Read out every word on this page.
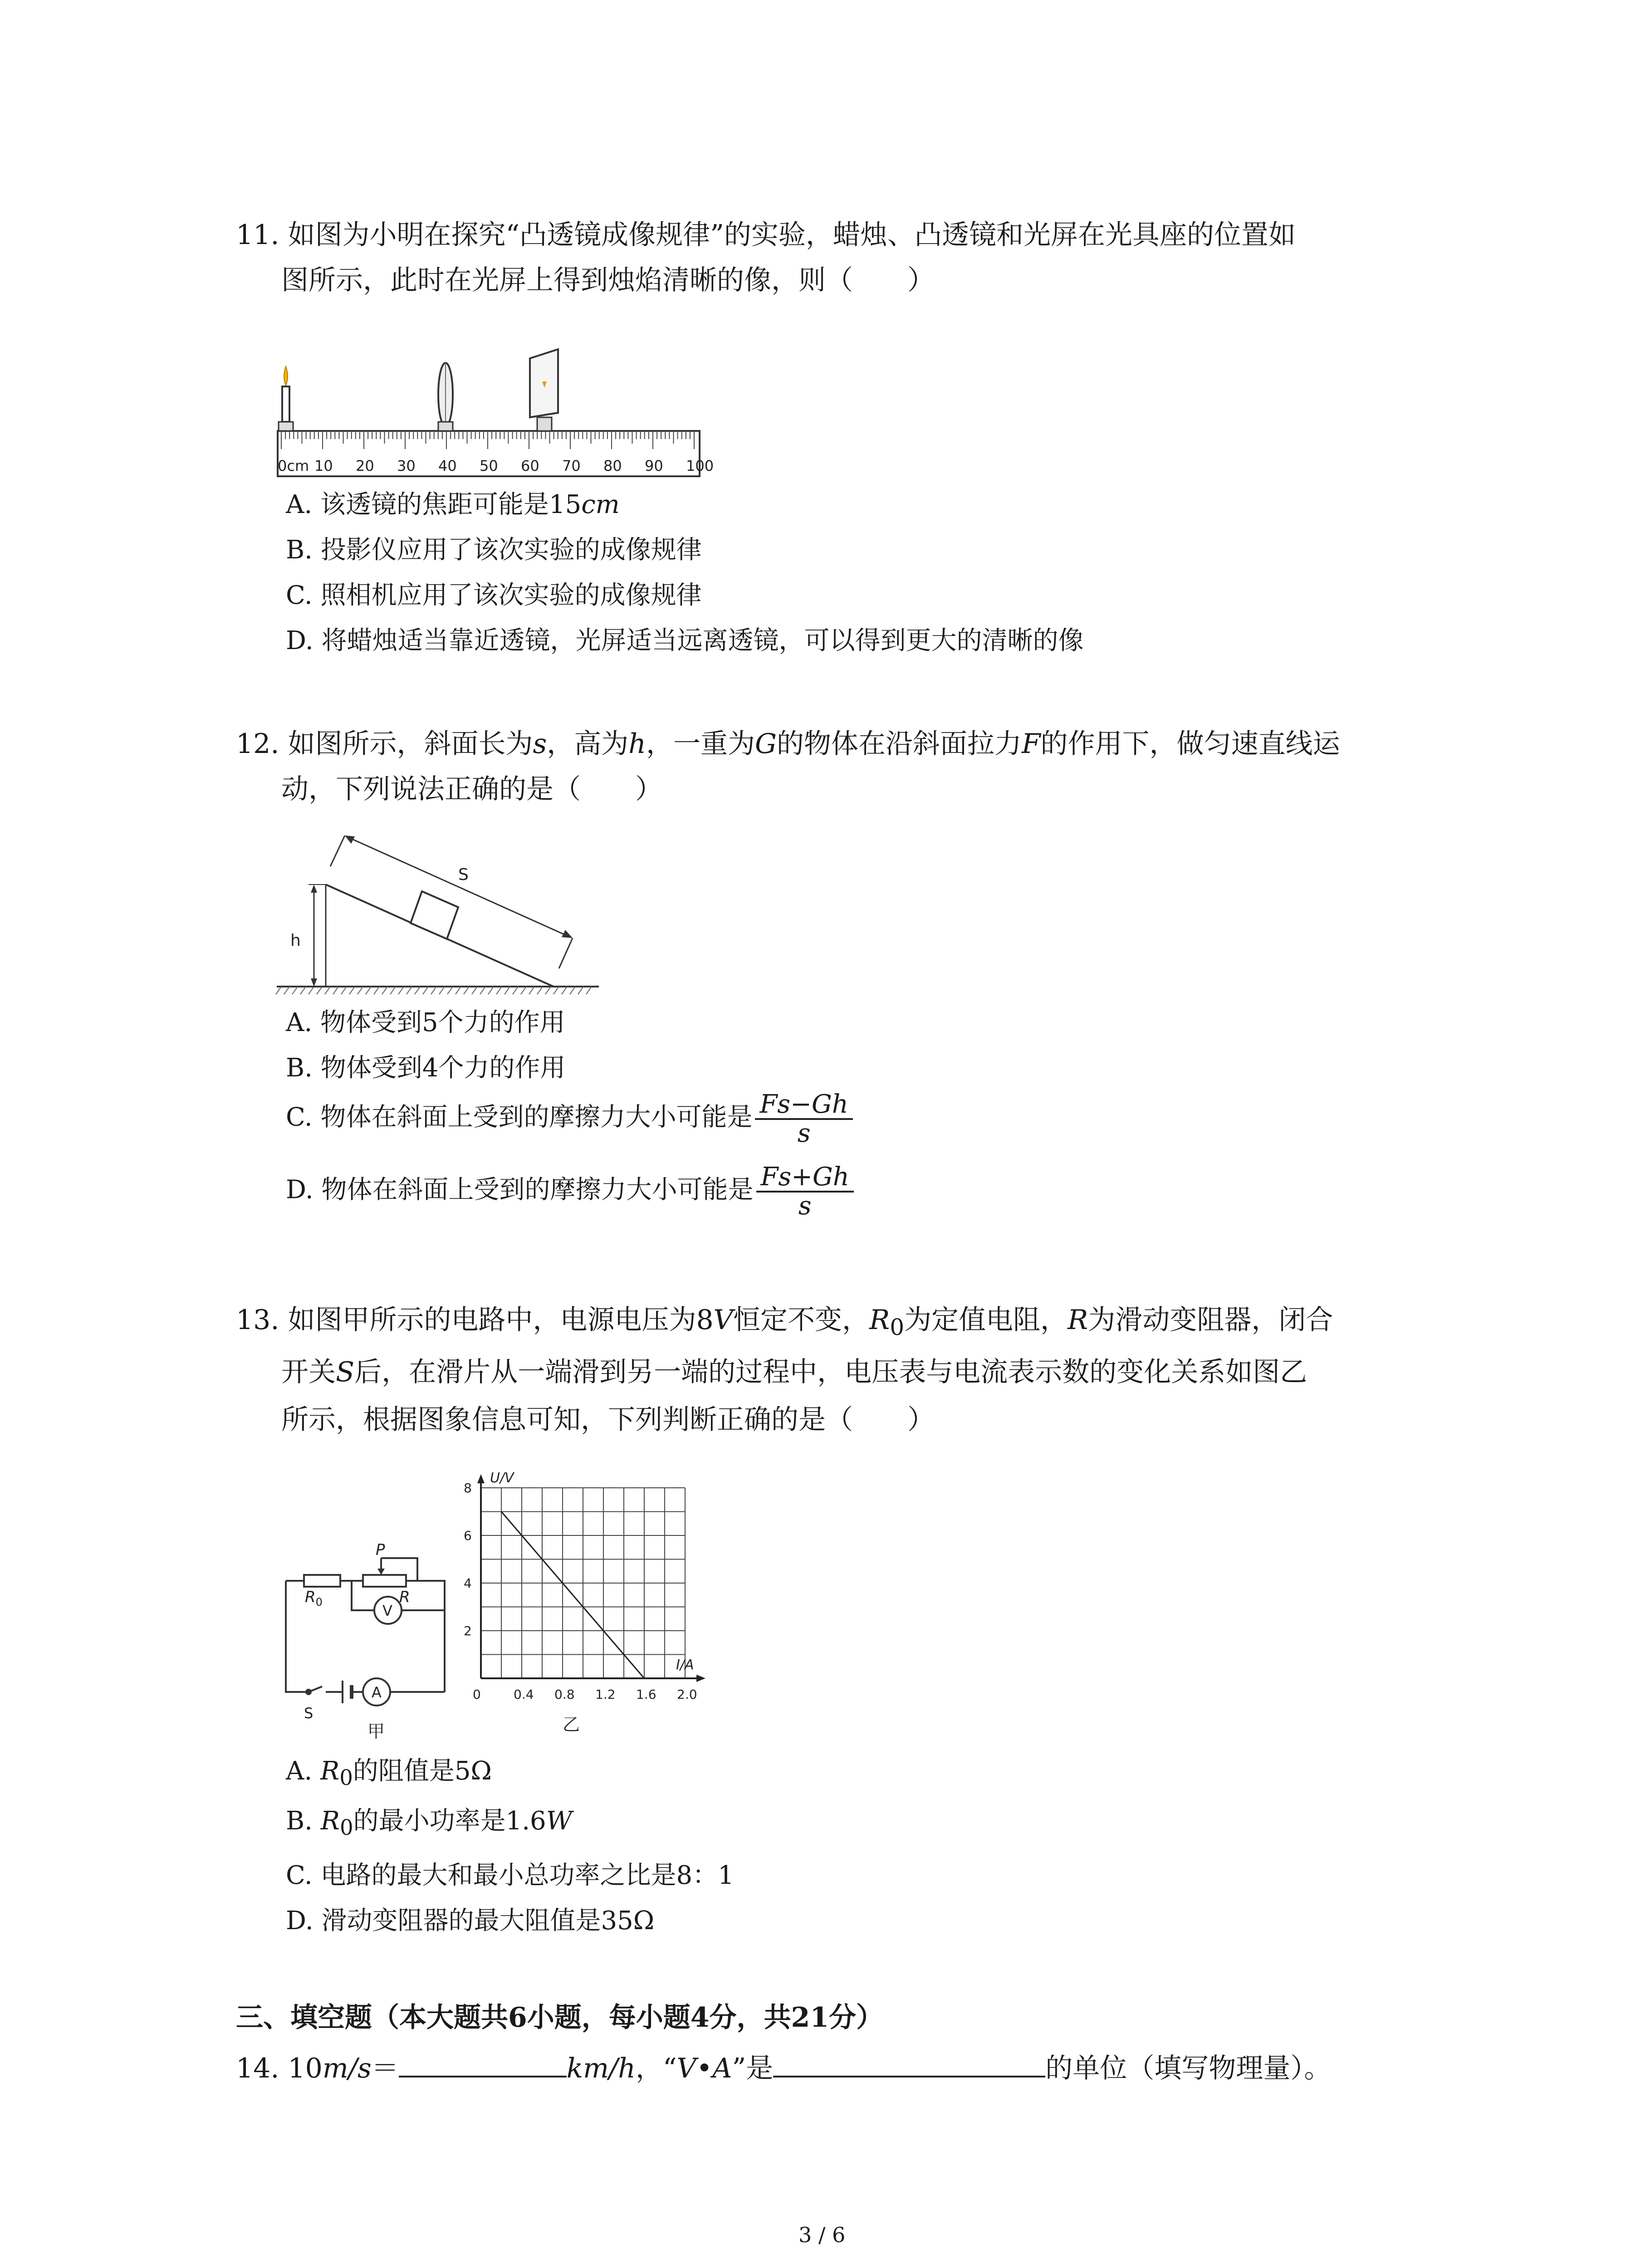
11. 如图为小明在探究“凸透镜成像规律”的实验，蜡烛、凸透镜和光屏在光具座的位置如
图所示，此时在光屏上得到烛焰清晰的像，则（　　）
0cm 10 20 30 40 50 60 70 80 90 100
A. 该透镜的焦距可能是15cm
B. 投影仪应用了该次实验的成像规律
C. 照相机应用了该次实验的成像规律
D. 将蜡烛适当靠近透镜，光屏适当远离透镜，可以得到更大的清晰的像
12. 如图所示，斜面长为s，高为h，一重为G的物体在沿斜面拉力F的作用下，做匀速直线运
动，下列说法正确的是（　　）
h
S
A. 物体受到5个力的作用
B. 物体受到4个力的作用
C. 物体在斜面上受到的摩擦力大小可能是 $\frac{Fs-Gh}{s}$
D. 物体在斜面上受到的摩擦力大小可能是 $\frac{Fs+Gh}{s}$
13. 如图甲所示的电路中，电源电压为8V恒定不变，$R_0$为定值电阻，R为滑动变阻器，闭合
开关S后，在滑片从一端滑到另一端的过程中，电压表与电流表示数的变化关系如图乙
所示，根据图象信息可知，下列判断正确的是（　　）
$R_0$
P
R
V
A
S
甲
U/V
I/A
2
4
6
8
0	0.4 0.8 1.2 1.6 2.0
乙
A. $R_0$的阻值是5Ω
B. $R_0$的最小功率是1.6W
C. 电路的最大和最小总功率之比是8：1
D. 滑动变阻器的最大阻值是35Ω
三、填空题（本大题共6小题，每小题4分，共21分）
14. 10m/s＝	km/h，“V•A”是	的单位（填写物理量）。
3 / 6
